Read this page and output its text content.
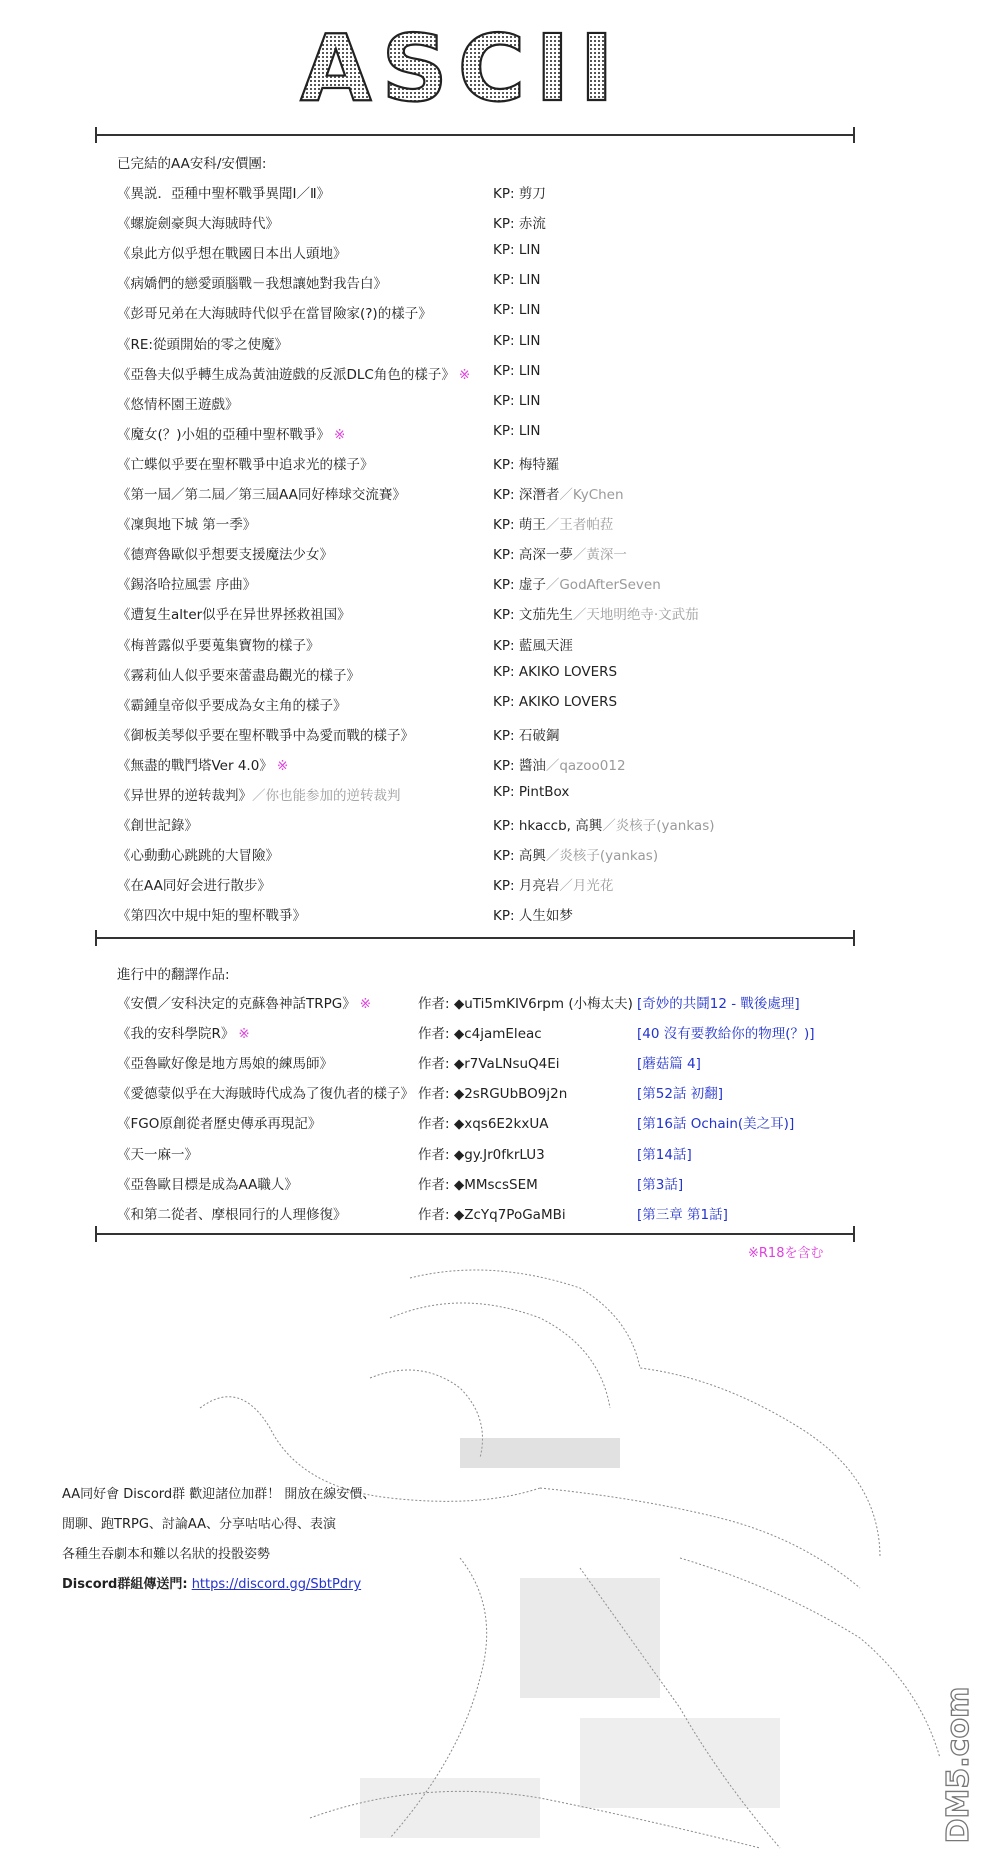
ASCII
已完結的AA安科/安價團:
《異説．亞種中聖杯戰爭異聞Ⅰ／Ⅱ》	KP: 剪刀
《螺旋劍豪與大海賊時代》	KP: 赤流
《泉此方似乎想在戰國日本出人頭地》	KP: LIN
《病嬌們的戀愛頭腦戰－我想讓她對我告白》	KP: LIN
《彭哥兄弟在大海賊時代似乎在當冒險家(?)的樣子》	KP: LIN
《RE:從頭開始的零之使魔》	KP: LIN
《亞魯夫似乎轉生成為黃油遊戲的反派DLC角色的樣子》 ※ KP: LIN
《悠情杯園王遊戲》	KP: LIN
《魔女(？)小姐的亞種中聖杯戰爭》 ※	KP: LIN
《亡蝶似乎要在聖杯戰爭中追求光的樣子》	KP: 梅特羅
《第一屆／第二屆／第三屆AA同好棒球交流賽》	KP: 深潛者／KyChen
《凜與地下城 第一季》	KP: 萌王／王者帕菈
《德齊魯歐似乎想要支援魔法少女》	KP: 高深一夢／黃深一
《錫洛哈拉風雲 序曲》	KP: 虚子／GodAfterSeven
《遭复生alter似乎在异世界拯救祖国》	KP: 文茄先生／天地明绝寺·文武茄
《梅普露似乎要蒐集寶物的樣子》	KP: 藍風天涯
《霧莉仙人似乎要來蕾盡島觀光的樣子》	KP: AKIKO LOVERS
《霸鍾皇帝似乎要成為女主角的樣子》	KP: AKIKO LOVERS
《御板美琴似乎要在聖杯戰爭中為愛而戰的樣子》	KP: 石破鋼
《無盡的戰鬥塔Ver 4.0》 ※	KP: 醬油／qazoo012
《异世界的逆转裁判》／你也能参加的逆转裁判	KP: PintBox
《創世記錄》	KP: hkaccb, 高興／炎核子(yankas)
《心動動心跳跳的大冒險》	KP: 高興／炎核子(yankas)
《在AA同好会进行散步》	KP: 月亮岩／月光花
《第四次中規中矩的聖杯戰爭》	KP: 人生如梦
進行中的翻譯作品:
《安價／安科決定的克蘇魯神話TRPG》 ※	作者: ◆uTi5mKIV6rpm (小梅太夫) [奇妙的共鬪12 - 戰後處理]
《我的安科學院R》 ※	作者: ◆c4jamEleac	[40 沒有要教給你的物理(？)]
《亞魯歐好像是地方馬娘的練馬師》	作者: ◆r7VaLNsuQ4Ei	[蘑菇篇 4]
《愛德蒙似乎在大海賊時代成為了復仇者的樣子》 作者: ◆2sRGUbBO9j2n	[第52話 初翻]
《FGO原創從者歷史傳承再現記》	作者: ◆xqs6E2kxUA	[第16話 Ochain(美之耳)]
《天一麻一》	作者: ◆gy.Jr0fkrLU3	[第14話]
《亞魯歐目標是成為AA職人》	作者: ◆MMscsSEM	[第3話]
《和第二從者、摩根同行的人理修復》	作者: ◆ZcYq7PoGaMBi	[第三章 第1話]
※R18を含む
AA同好會 Discord群 歡迎諸位加群！ 開放在線安價、
閒聊、跑TRPG、討論AA、分享咕咕心得、表演
各種生吞劇本和難以名狀的投骰姿勢
Discord群組傳送門: https://discord.gg/SbtPdry
DM5.com
